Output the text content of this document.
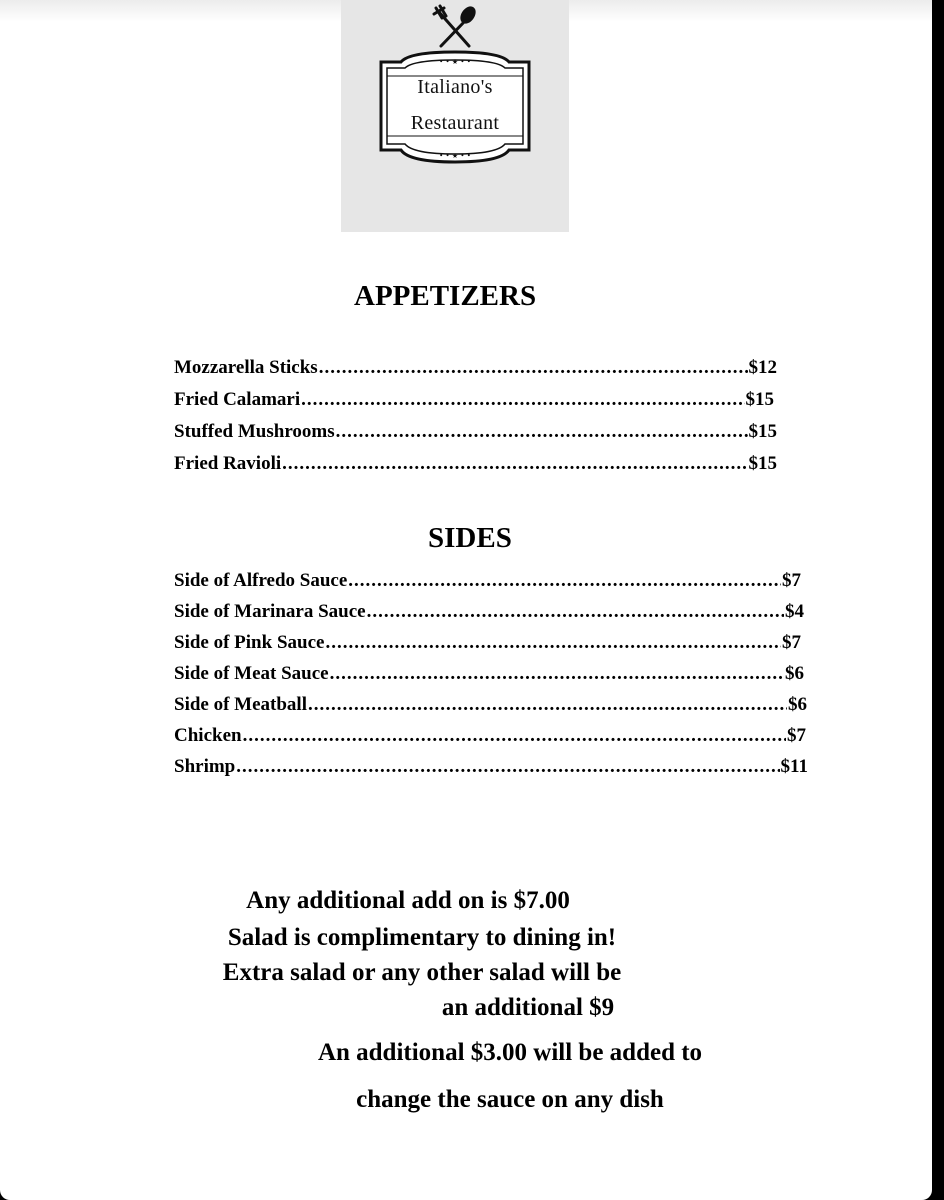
• • ★ • •
• • ★ • •
Italiano's
Restaurant
APPETIZERS
Mozzarella Sticks .....	$12
Fried Calamari .....	$15
Stuffed Mushrooms .....	$15
Fried Ravioli .....	$15
SIDES
Side of Alfredo Sauce .....	$7
Side of Marinara Sauce .....	$4
Side of Pink Sauce .....	$7
Side of Meat Sauce .....	$6
Side of Meatball .....	$6
Chicken .....	$7
Shrimp .....	$11
Any additional add on is $7.00
Salad is complimentary to dining in!
Extra salad or any other salad will be
an additional $9
An additional $3.00 will be added to
change the sauce on any dish
